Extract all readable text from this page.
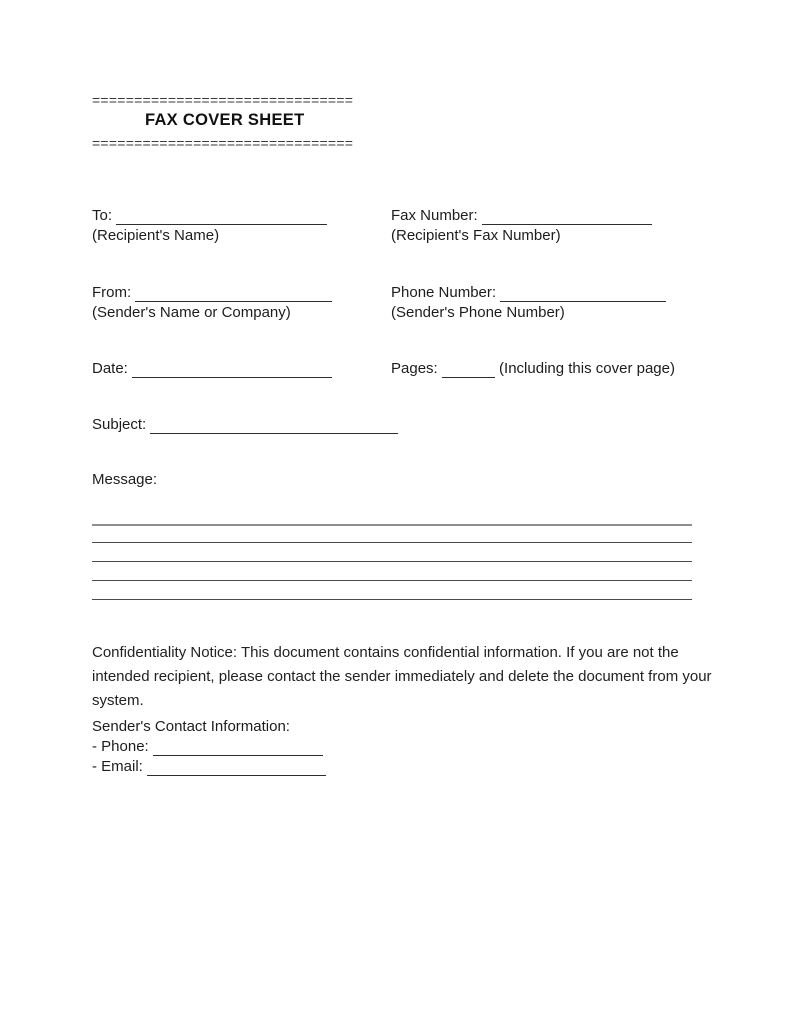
===============================
FAX COVER SHEET
===============================
To:
(Recipient's Name)
Fax Number:
(Recipient's Fax Number)
From:
(Sender's Name or Company)
Phone Number:
(Sender's Phone Number)
Date:	Pages:	(Including this cover page)
Subject:
Message:
Confidentiality Notice: This document contains confidential information. If you are not the
intended recipient, please contact the sender immediately and delete the document from your
system.
Sender's Contact Information:
- Phone:
- Email:
